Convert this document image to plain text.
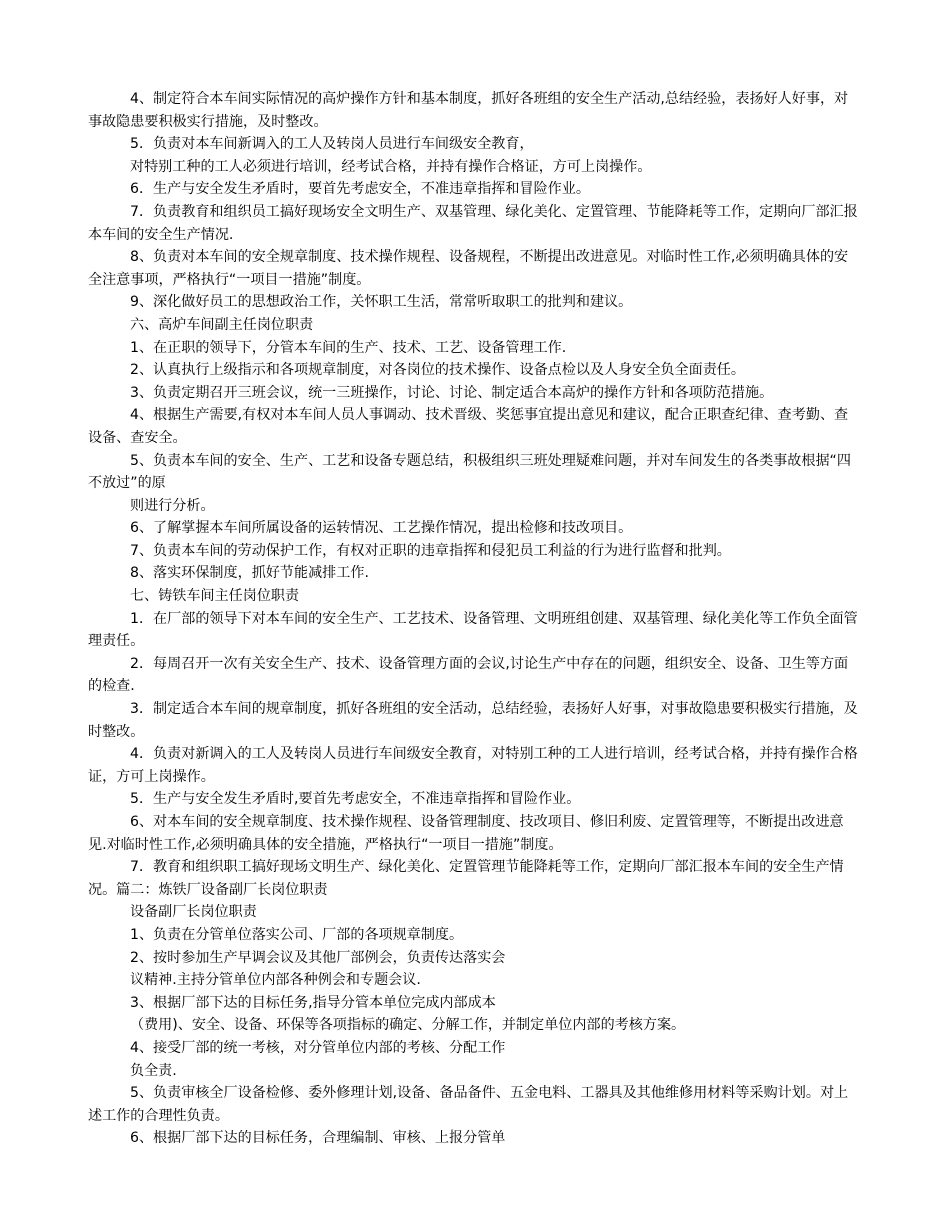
4、制定符合本车间实际情况的高炉操作方针和基本制度，抓好各班组的安全生产活动,总结经验，表扬好人好事，对事故隐患要积极实行措施，及时整改。

5．负责对本车间新调入的工人及转岗人员进行车间级安全教育，

对特别工种的工人必须进行培训，经考试合格，并持有操作合格证，方可上岗操作。

6．生产与安全发生矛盾时，要首先考虑安全，不准违章指挥和冒险作业。

7．负责教育和组织员工搞好现场安全文明生产、双基管理、绿化美化、定置管理、节能降耗等工作，定期向厂部汇报本车间的安全生产情况.

8、负责对本车间的安全规章制度、技术操作规程、设备规程，不断提出改进意见。对临时性工作,必须明确具体的安全注意事项，严格执行“一项目一措施”制度。

9、深化做好员工的思想政治工作，关怀职工生活，常常听取职工的批判和建议。

六、高炉车间副主任岗位职责

1、在正职的领导下，分管本车间的生产、技术、工艺、设备管理工作.

2、认真执行上级指示和各项规章制度，对各岗位的技术操作、设备点检以及人身安全负全面责任。

3、负责定期召开三班会议，统一三班操作，讨论、讨论、制定适合本高炉的操作方针和各项防范措施。

4、根据生产需要,有权对本车间人员人事调动、技术晋级、奖惩事宜提出意见和建议，配合正职查纪律、查考勤、查设备、查安全。

5、负责本车间的安全、生产、工艺和设备专题总结，积极组织三班处理疑难问题，并对车间发生的各类事故根据“四不放过”的原

则进行分析。

6、了解掌握本车间所属设备的运转情况、工艺操作情况，提出检修和技改项目。

7、负责本车间的劳动保护工作，有权对正职的违章指挥和侵犯员工利益的行为进行监督和批判。

8、落实环保制度，抓好节能减排工作.

七、铸铁车间主任岗位职责

1．在厂部的领导下对本车间的安全生产、工艺技术、设备管理、文明班组创建、双基管理、绿化美化等工作负全面管理责任。

2．每周召开一次有关安全生产、技术、设备管理方面的会议,讨论生产中存在的问题，组织安全、设备、卫生等方面的检查.

3．制定适合本车间的规章制度，抓好各班组的安全活动，总结经验，表扬好人好事，对事故隐患要积极实行措施，及时整改。

4．负责对新调入的工人及转岗人员进行车间级安全教育，对特别工种的工人进行培训，经考试合格，并持有操作合格证，方可上岗操作。

5．生产与安全发生矛盾时,要首先考虑安全，不准违章指挥和冒险作业。

6、对本车间的安全规章制度、技术操作规程、设备管理制度、技改项目、修旧利废、定置管理等，不断提出改进意见.对临时性工作,必须明确具体的安全措施，严格执行“一项目一措施”制度。

7．教育和组织职工搞好现场文明生产、绿化美化、定置管理节能降耗等工作，定期向厂部汇报本车间的安全生产情况。篇二：炼铁厂设备副厂长岗位职责

设备副厂长岗位职责

1、负责在分管单位落实公司、厂部的各项规章制度。

2、按时参加生产早调会议及其他厂部例会，负责传达落实会

议精神.主持分管单位内部各种例会和专题会议.

3、根据厂部下达的目标任务,指导分管本单位完成内部成本

（费用)、安全、设备、环保等各项指标的确定、分解工作，并制定单位内部的考核方案。

4、接受厂部的统一考核，对分管单位内部的考核、分配工作

负全责.

5、负责审核全厂设备检修、委外修理计划,设备、备品备件、五金电料、工器具及其他维修用材料等采购计划。对上述工作的合理性负责。

6、根据厂部下达的目标任务，合理编制、审核、上报分管单
